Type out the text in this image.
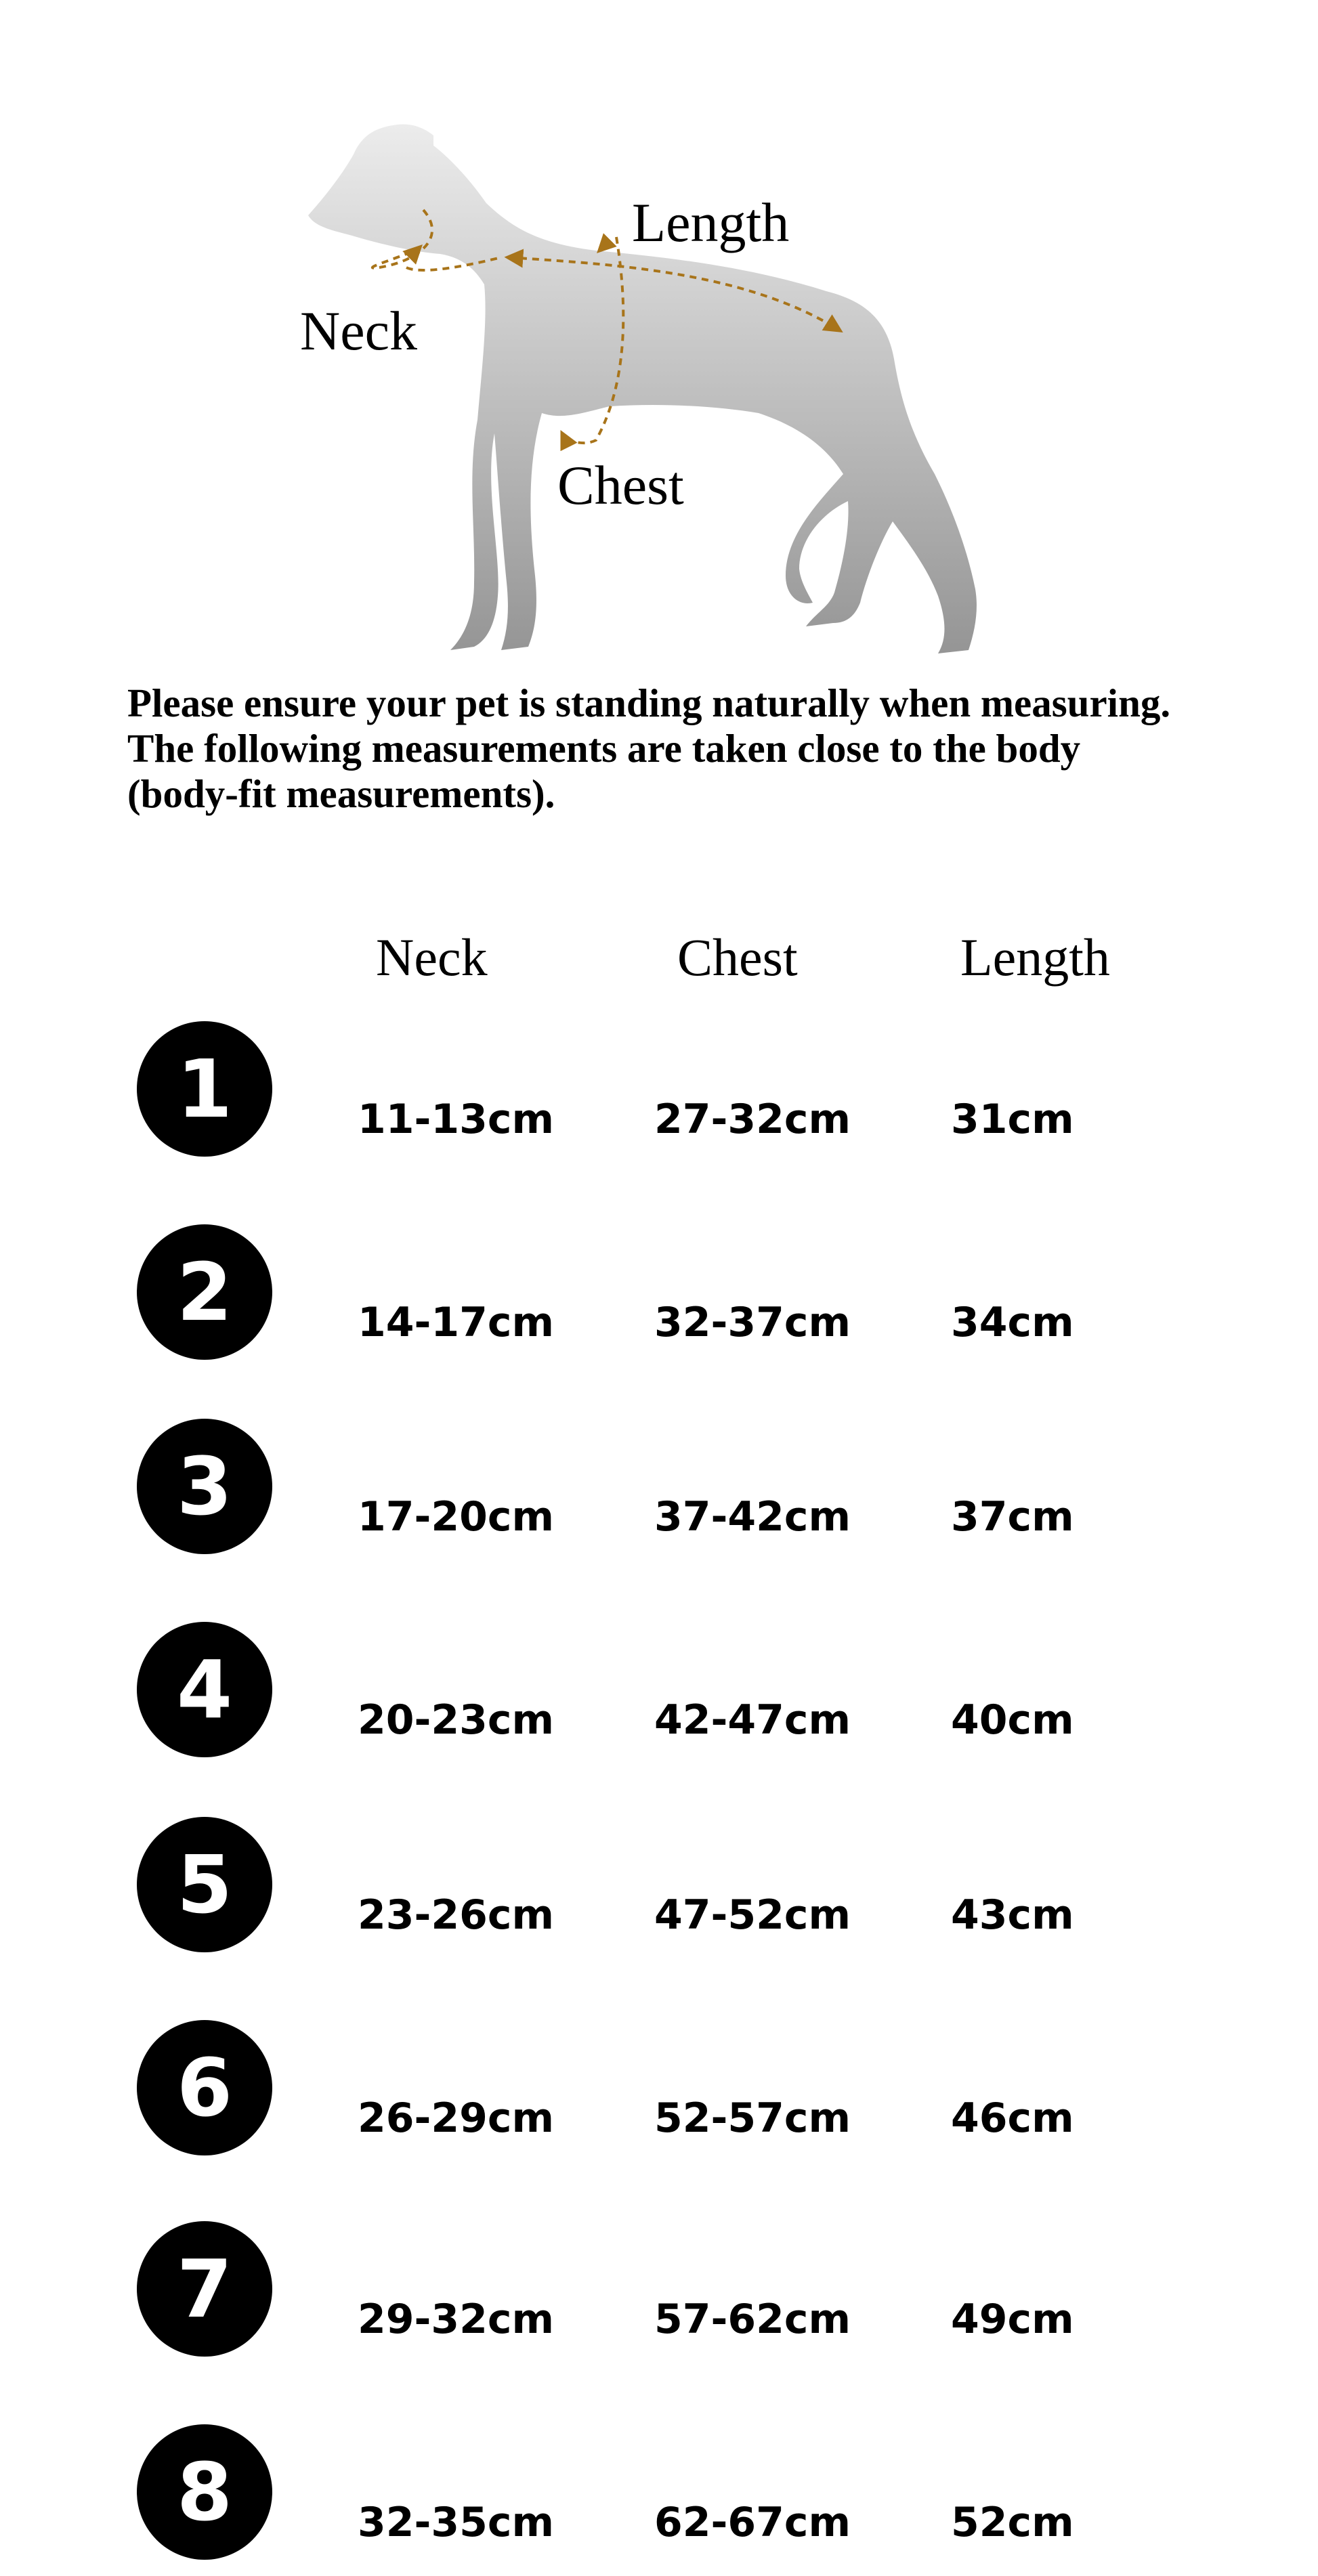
Length
Neck
Chest
Please ensure your pet is standing naturally when measuring.
The following measurements are taken close to the body
(body-fit measurements).
Neck	Chest	Length
1	11-13cm 27-32cm 31cm
2	14-17cm 32-37cm 34cm
3	17-20cm 37-42cm 37cm
4	20-23cm 42-47cm 40cm
5	23-26cm 47-52cm 43cm
6	26-29cm 52-57cm 46cm
7	29-32cm 57-62cm 49cm
8	32-35cm 62-67cm 52cm
